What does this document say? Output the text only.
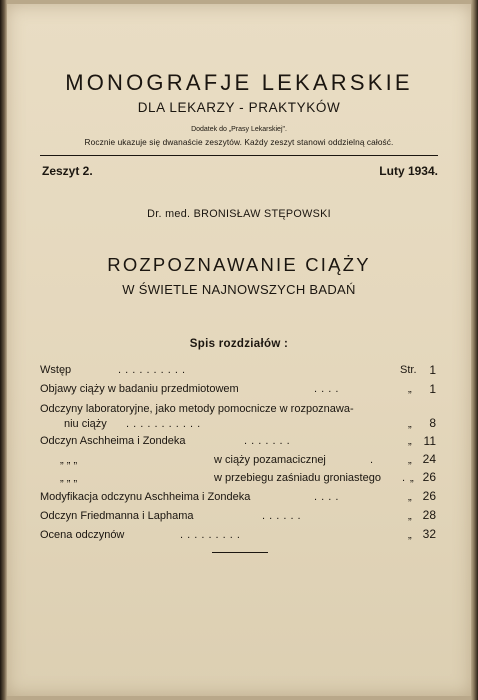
MONOGRAFJE LEKARSKIE
DLA LEKARZY - PRAKTYKÓW
Dodatek do „Prasy Lekarskiej".
Rocznie ukazuje się dwanaście zeszytów. Każdy zeszyt stanowi oddzielną całość.
Zeszyt 2.	Luty 1934.
Dr. med. BRONISŁAW STĘPOWSKI
ROZPOZNAWANIE CIĄŻY
W ŚWIETLE NAJNOWSZYCH BADAŃ
Spis rozdziałów :
Wstęp	. . . . . . . . . .	Str. 1
Objawy ciąży w badaniu przedmiotowem	. . . .	„ 1
Odczyny laboratoryjne, jako metody pomocnicze w rozpoznawa-
niu ciąży . . . . . . . . . . .	„ 8
Odczyn Aschheima i Zondeka	. . . . . . .	„ 11
„ „ „	w ciąży pozamacicznej	.	„ 24
„ „ „	w przebiegu zaśniadu groniastego . „ 26
Modyfikacja odczynu Aschheima i Zondeka	. . . .	„ 26
Odczyn Friedmanna i Laphama	. . . . . .	„ 28
Ocena odczynów	. . . . . . . . .	„ 32
